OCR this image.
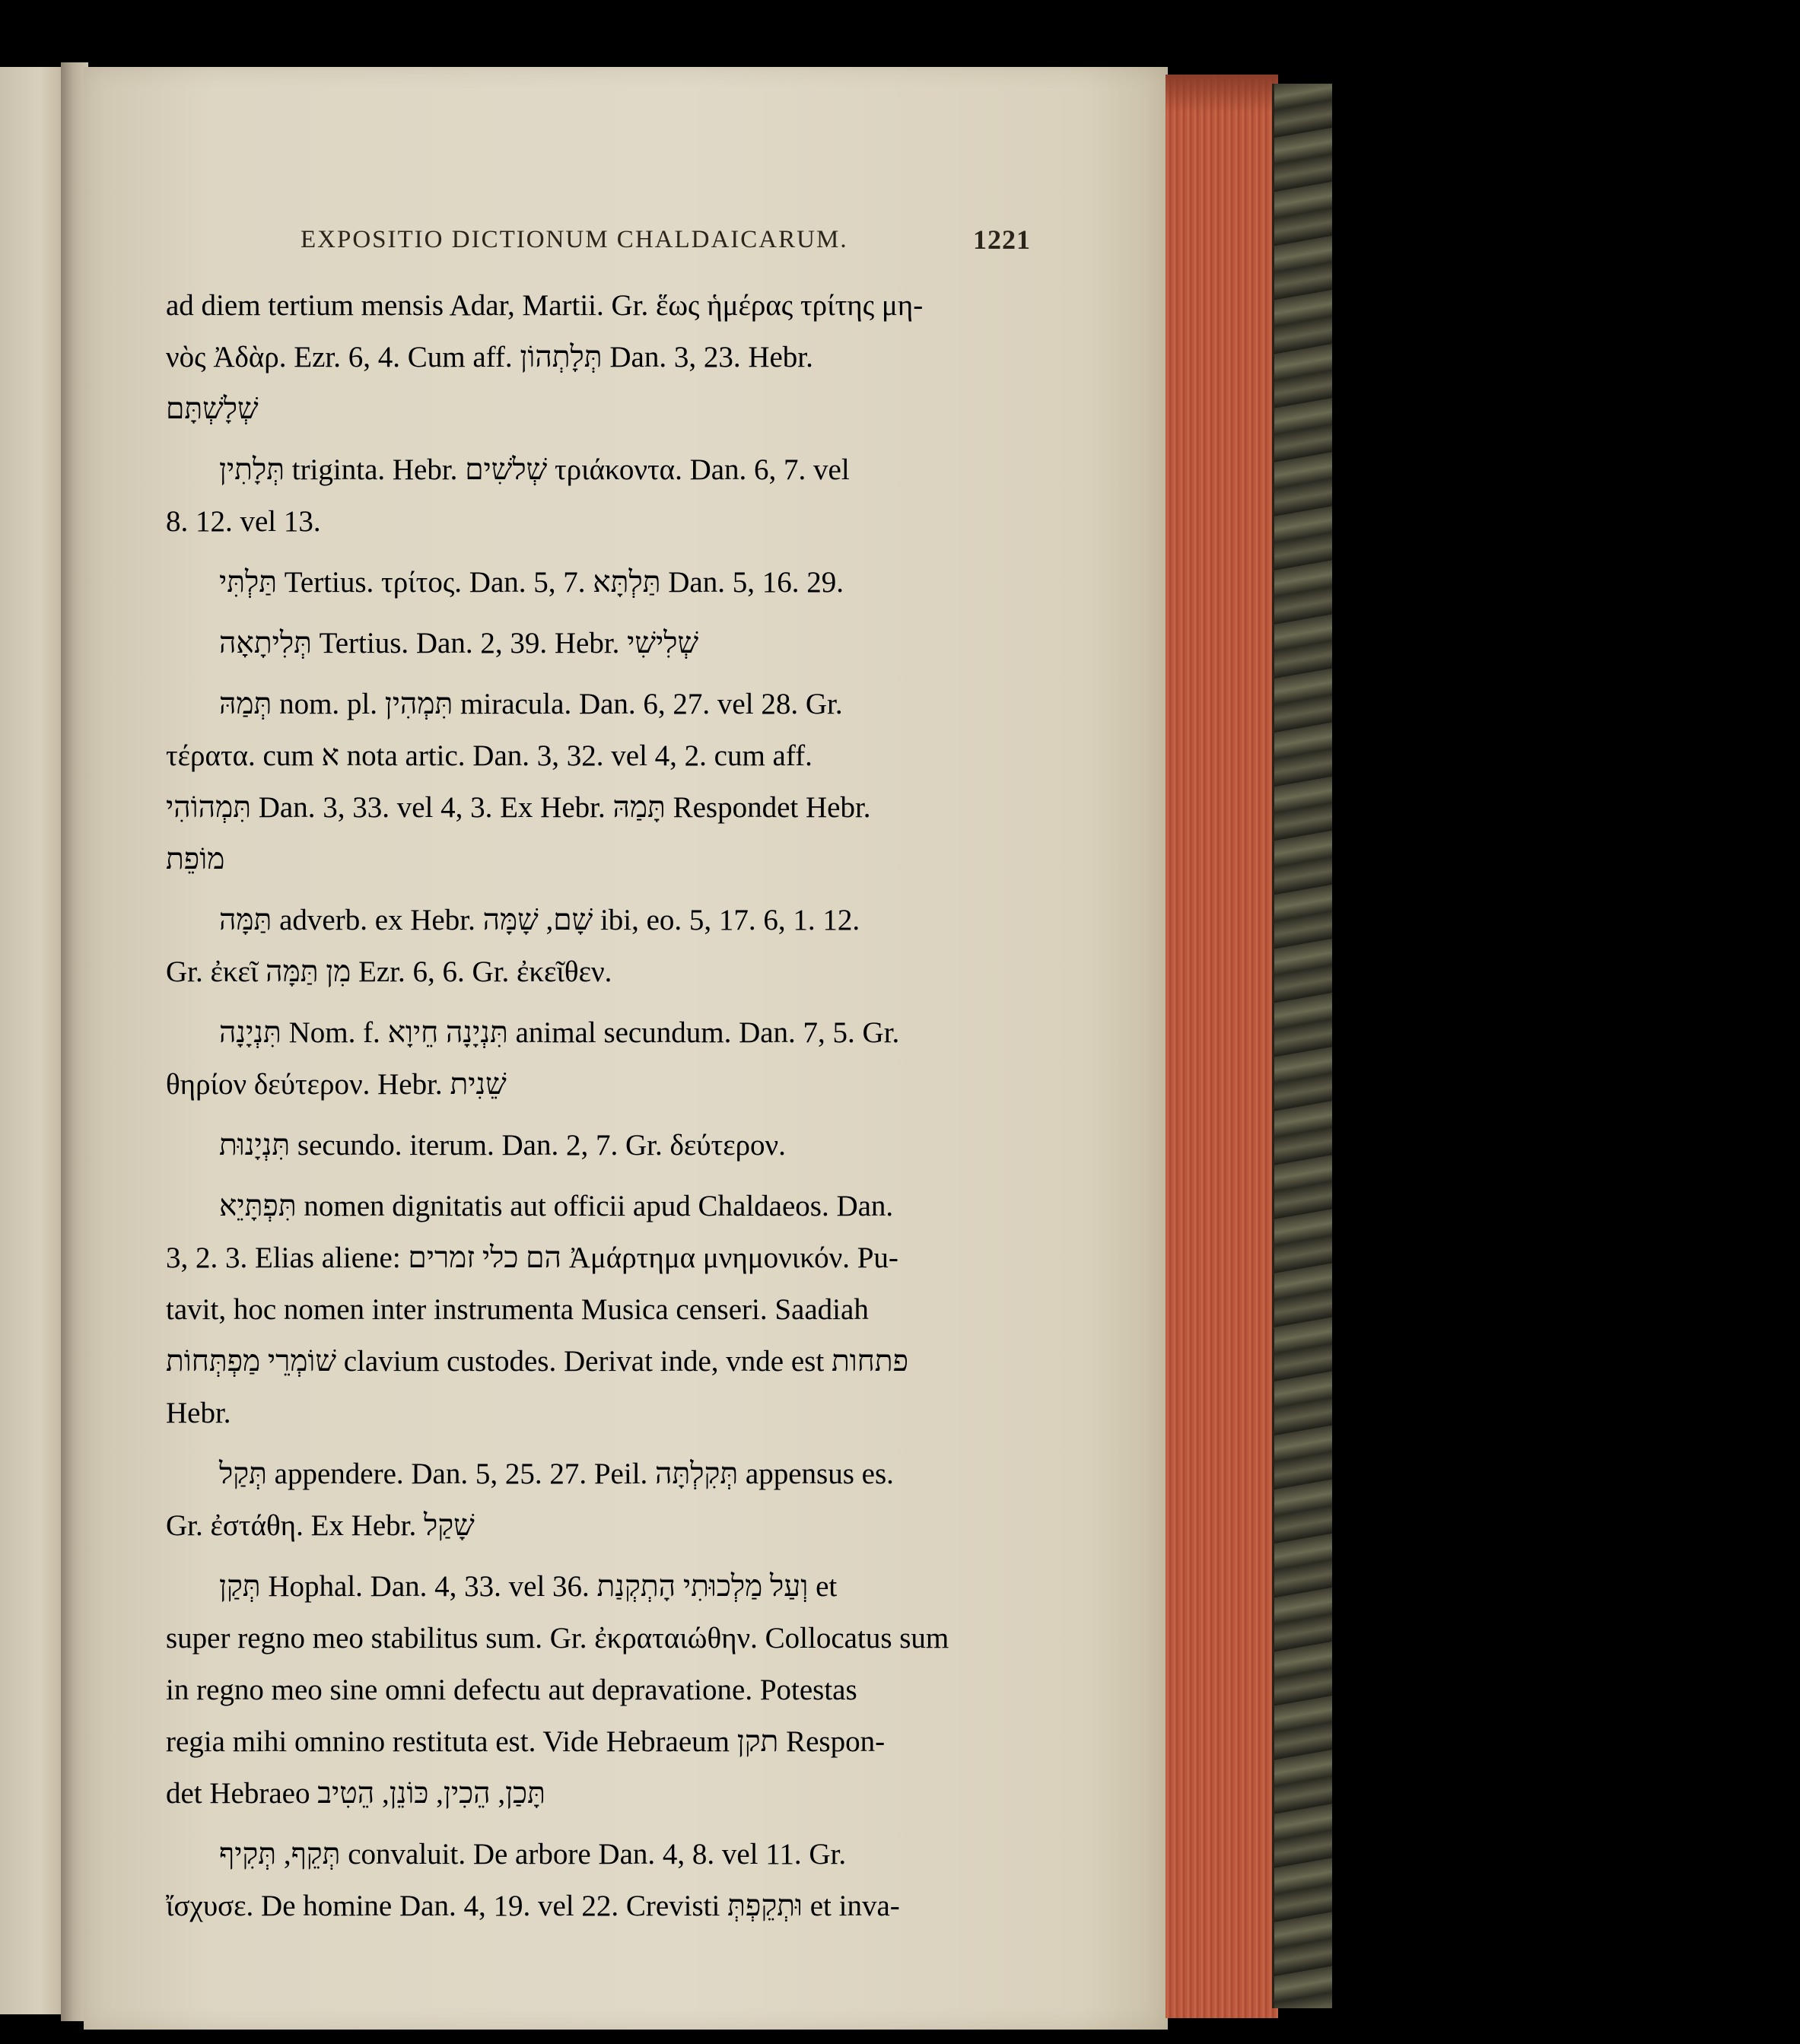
EXPOSITIO DICTIONUM CHALDAICARUM.	1221
ad diem tertium mensis Adar, Martii. Gr. ἕως ἡμέρας τρίτης μη-
νὸς Ἀδὰρ. Ezr. 6, 4. Cum aff. תְּלָתְהוֹן Dan. 3, 23. Hebr.
שְׁלָשְׁתָּם
תְּלָתִין triginta. Hebr. שְׁלשִׁים τριάκοντα. Dan. 6, 7. vel
8. 12. vel 13.
תַּלְתִּי Tertius. τρίτος. Dan. 5, 7. תַּלְתָּא Dan. 5, 16. 29.
תְּלִיתָאָה Tertius. Dan. 2, 39. Hebr. שְׁלִישִׁי
תְּמַהּ nom. pl. תִּמְהִין miracula. Dan. 6, 27. vel 28. Gr.
τέρατα. cum א nota artic. Dan. 3, 32. vel 4, 2. cum aff.
תִּמְהוֹהִי Dan. 3, 33. vel 4, 3. Ex Hebr. תָּמַהּ Respondet Hebr.
מוֹפֵת
תַּמָּה adverb. ex Hebr. שָׁם, שָׁמָּה ibi, eo. 5, 17. 6, 1. 12.
Gr. ἐκεῖ מִן תַּמָּה Ezr. 6, 6. Gr. ἐκεῖθεν.
תִּנְיָנָה Nom. f. תִּנְיָנָה חֵיוָא animal secundum. Dan. 7, 5. Gr.
θηρίον δεύτερον. Hebr. שֵׁנִית
תִּנְיָנוּת secundo. iterum. Dan. 2, 7. Gr. δεύτερον.
תִּפְתָּיֵא nomen dignitatis aut officii apud Chaldaeos. Dan.
3, 2. 3. Elias aliene: הם כלי זמרים Ἀμάρτημα μνημονικόν. Pu-
tavit, hoc nomen inter instrumenta Musica censeri. Saadiah
שׁוֹמְרֵי מַפְתְּחוֹת clavium custodes. Derivat inde, vnde est פתחות
Hebr.
תְּקַל appendere. Dan. 5, 25. 27. Peil. תְּקִלְתָּה appensus es.
Gr. ἐστάθη. Ex Hebr. שָׁקַל
תְּקַן Hophal. Dan. 4, 33. vel 36. וְעַל מַלְכוּתִי הָתְקְנַת et
super regno meo stabilitus sum. Gr. ἐκραταιώθην. Collocatus sum
in regno meo sine omni defectu aut depravatione. Potestas
regia mihi omnino restituta est. Vide Hebraeum תקן Respon-
det Hebraeo תָּכַן, הֵכִין, כּוֹנֵן, הֵטִיב
תְּקֵף, תְּקִיף convaluit. De arbore Dan. 4, 8. vel 11. Gr.
ἴσχυσε. De homine Dan. 4, 19. vel 22. Crevisti וּתְקֵפְתְּ et inva-
